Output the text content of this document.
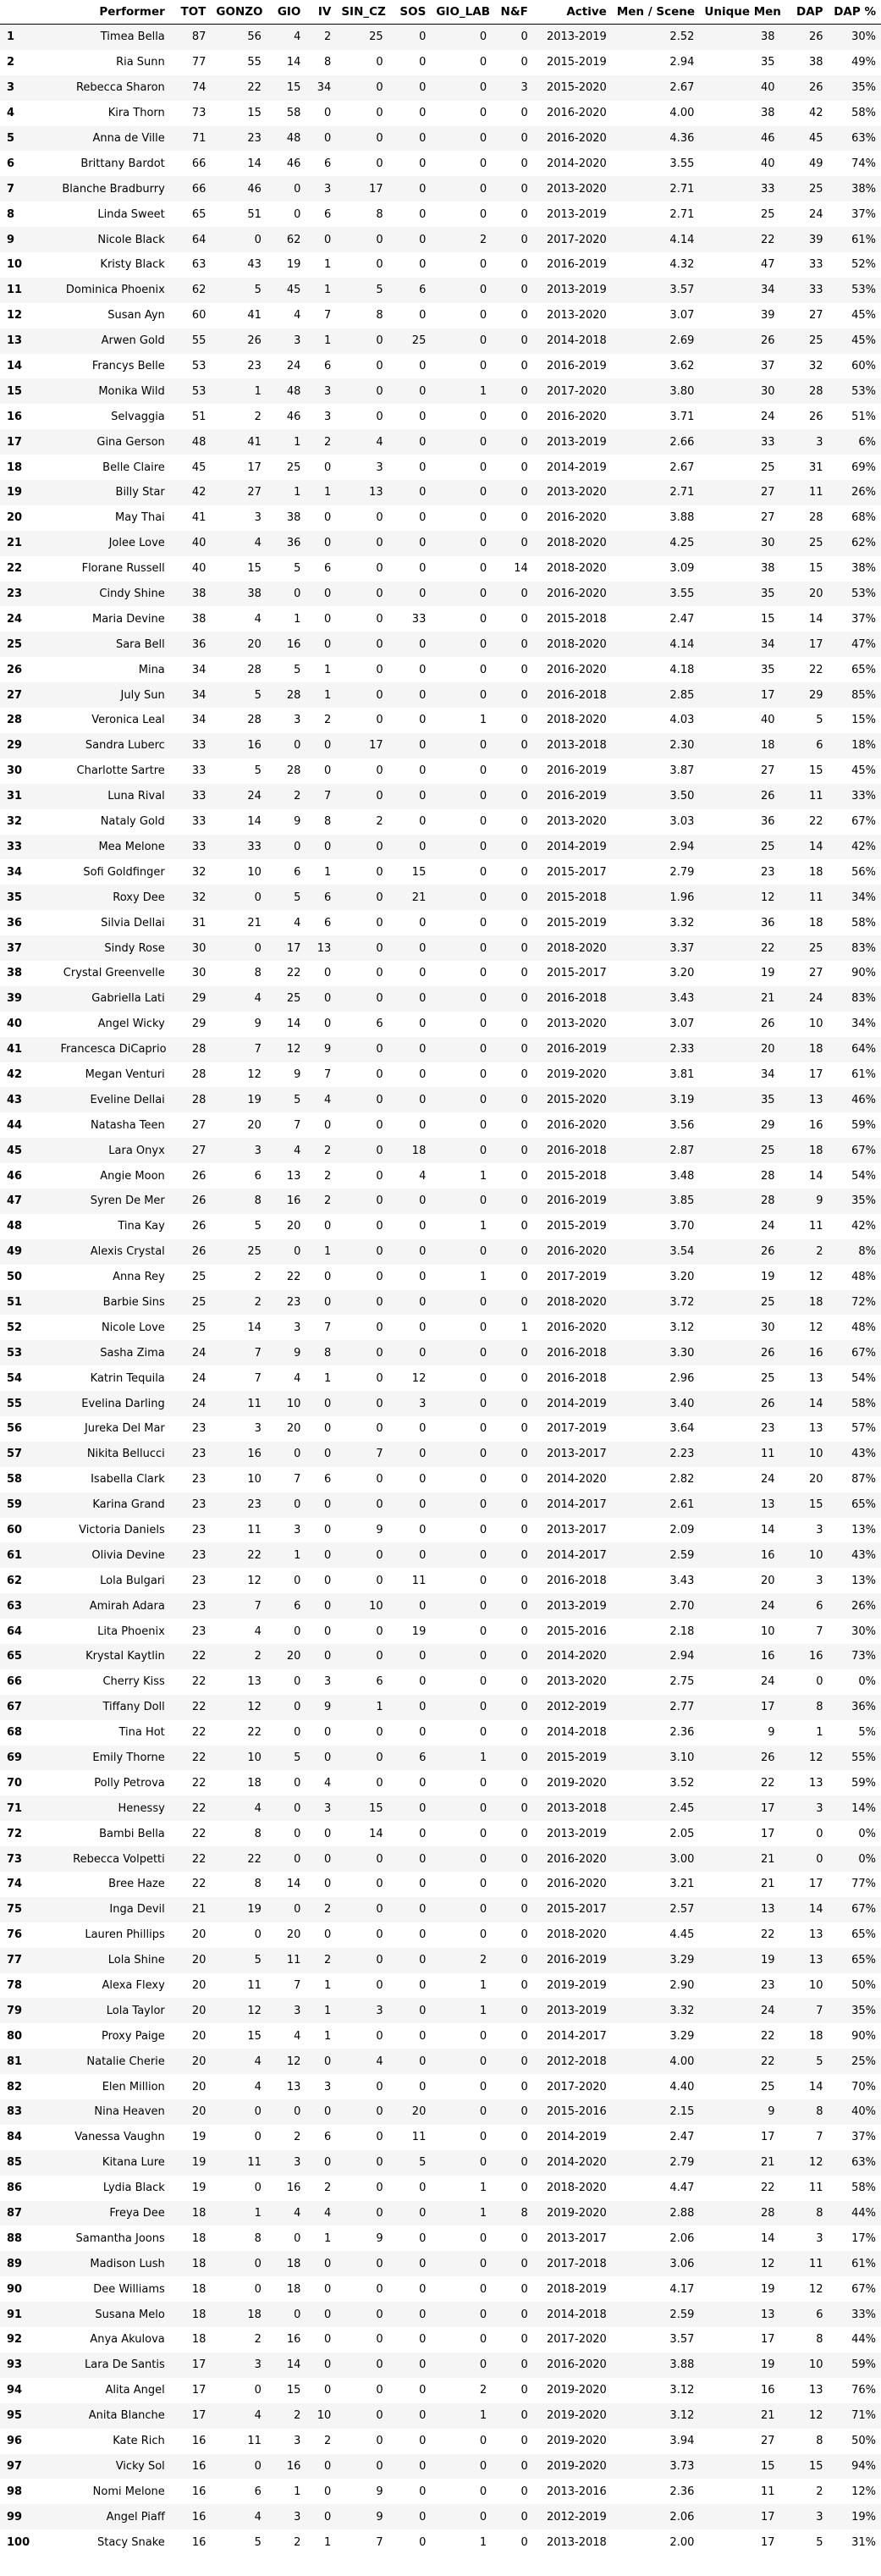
	Performer	TOT	GONZO	GIO	IV	SIN_CZ	SOS	GIO_LAB	N&F	Active	Men / Scene	Unique Men	DAP	DAP %
1	Timea Bella	87	56	4	2	25	0	0	0	2013-2019	2.52	38	26	30%
2	Ria Sunn	77	55	14	8	0	0	0	0	2015-2019	2.94	35	38	49%
3	Rebecca Sharon	74	22	15	34	0	0	0	3	2015-2020	2.67	40	26	35%
4	Kira Thorn	73	15	58	0	0	0	0	0	2016-2020	4.00	38	42	58%
5	Anna de Ville	71	23	48	0	0	0	0	0	2016-2020	4.36	46	45	63%
6	Brittany Bardot	66	14	46	6	0	0	0	0	2014-2020	3.55	40	49	74%
7	Blanche Bradburry	66	46	0	3	17	0	0	0	2013-2020	2.71	33	25	38%
8	Linda Sweet	65	51	0	6	8	0	0	0	2013-2019	2.71	25	24	37%
9	Nicole Black	64	0	62	0	0	0	2	0	2017-2020	4.14	22	39	61%
10	Kristy Black	63	43	19	1	0	0	0	0	2016-2019	4.32	47	33	52%
11	Dominica Phoenix	62	5	45	1	5	6	0	0	2013-2019	3.57	34	33	53%
12	Susan Ayn	60	41	4	7	8	0	0	0	2013-2020	3.07	39	27	45%
13	Arwen Gold	55	26	3	1	0	25	0	0	2014-2018	2.69	26	25	45%
14	Francys Belle	53	23	24	6	0	0	0	0	2016-2019	3.62	37	32	60%
15	Monika Wild	53	1	48	3	0	0	1	0	2017-2020	3.80	30	28	53%
16	Selvaggia	51	2	46	3	0	0	0	0	2016-2020	3.71	24	26	51%
17	Gina Gerson	48	41	1	2	4	0	0	0	2013-2019	2.66	33	3	6%
18	Belle Claire	45	17	25	0	3	0	0	0	2014-2019	2.67	25	31	69%
19	Billy Star	42	27	1	1	13	0	0	0	2013-2020	2.71	27	11	26%
20	May Thai	41	3	38	0	0	0	0	0	2016-2020	3.88	27	28	68%
21	Jolee Love	40	4	36	0	0	0	0	0	2018-2020	4.25	30	25	62%
22	Florane Russell	40	15	5	6	0	0	0	14	2018-2020	3.09	38	15	38%
23	Cindy Shine	38	38	0	0	0	0	0	0	2016-2020	3.55	35	20	53%
24	Maria Devine	38	4	1	0	0	33	0	0	2015-2018	2.47	15	14	37%
25	Sara Bell	36	20	16	0	0	0	0	0	2018-2020	4.14	34	17	47%
26	Mina	34	28	5	1	0	0	0	0	2016-2020	4.18	35	22	65%
27	July Sun	34	5	28	1	0	0	0	0	2016-2018	2.85	17	29	85%
28	Veronica Leal	34	28	3	2	0	0	1	0	2018-2020	4.03	40	5	15%
29	Sandra Luberc	33	16	0	0	17	0	0	0	2013-2018	2.30	18	6	18%
30	Charlotte Sartre	33	5	28	0	0	0	0	0	2016-2019	3.87	27	15	45%
31	Luna Rival	33	24	2	7	0	0	0	0	2016-2019	3.50	26	11	33%
32	Nataly Gold	33	14	9	8	2	0	0	0	2013-2020	3.03	36	22	67%
33	Mea Melone	33	33	0	0	0	0	0	0	2014-2019	2.94	25	14	42%
34	Sofi Goldfinger	32	10	6	1	0	15	0	0	2015-2017	2.79	23	18	56%
35	Roxy Dee	32	0	5	6	0	21	0	0	2015-2018	1.96	12	11	34%
36	Silvia Dellai	31	21	4	6	0	0	0	0	2015-2019	3.32	36	18	58%
37	Sindy Rose	30	0	17	13	0	0	0	0	2018-2020	3.37	22	25	83%
38	Crystal Greenvelle	30	8	22	0	0	0	0	0	2015-2017	3.20	19	27	90%
39	Gabriella Lati	29	4	25	0	0	0	0	0	2016-2018	3.43	21	24	83%
40	Angel Wicky	29	9	14	0	6	0	0	0	2013-2020	3.07	26	10	34%
41	Francesca DiCaprio	28	7	12	9	0	0	0	0	2016-2019	2.33	20	18	64%
42	Megan Venturi	28	12	9	7	0	0	0	0	2019-2020	3.81	34	17	61%
43	Eveline Dellai	28	19	5	4	0	0	0	0	2015-2020	3.19	35	13	46%
44	Natasha Teen	27	20	7	0	0	0	0	0	2016-2020	3.56	29	16	59%
45	Lara Onyx	27	3	4	2	0	18	0	0	2016-2018	2.87	25	18	67%
46	Angie Moon	26	6	13	2	0	4	1	0	2015-2018	3.48	28	14	54%
47	Syren De Mer	26	8	16	2	0	0	0	0	2016-2019	3.85	28	9	35%
48	Tina Kay	26	5	20	0	0	0	1	0	2015-2019	3.70	24	11	42%
49	Alexis Crystal	26	25	0	1	0	0	0	0	2016-2020	3.54	26	2	8%
50	Anna Rey	25	2	22	0	0	0	1	0	2017-2019	3.20	19	12	48%
51	Barbie Sins	25	2	23	0	0	0	0	0	2018-2020	3.72	25	18	72%
52	Nicole Love	25	14	3	7	0	0	0	1	2016-2020	3.12	30	12	48%
53	Sasha Zima	24	7	9	8	0	0	0	0	2016-2018	3.30	26	16	67%
54	Katrin Tequila	24	7	4	1	0	12	0	0	2016-2018	2.96	25	13	54%
55	Evelina Darling	24	11	10	0	0	3	0	0	2014-2019	3.40	26	14	58%
56	Jureka Del Mar	23	3	20	0	0	0	0	0	2017-2019	3.64	23	13	57%
57	Nikita Bellucci	23	16	0	0	7	0	0	0	2013-2017	2.23	11	10	43%
58	Isabella Clark	23	10	7	6	0	0	0	0	2014-2020	2.82	24	20	87%
59	Karina Grand	23	23	0	0	0	0	0	0	2014-2017	2.61	13	15	65%
60	Victoria Daniels	23	11	3	0	9	0	0	0	2013-2017	2.09	14	3	13%
61	Olivia Devine	23	22	1	0	0	0	0	0	2014-2017	2.59	16	10	43%
62	Lola Bulgari	23	12	0	0	0	11	0	0	2016-2018	3.43	20	3	13%
63	Amirah Adara	23	7	6	0	10	0	0	0	2013-2019	2.70	24	6	26%
64	Lita Phoenix	23	4	0	0	0	19	0	0	2015-2016	2.18	10	7	30%
65	Krystal Kaytlin	22	2	20	0	0	0	0	0	2014-2020	2.94	16	16	73%
66	Cherry Kiss	22	13	0	3	6	0	0	0	2013-2020	2.75	24	0	0%
67	Tiffany Doll	22	12	0	9	1	0	0	0	2012-2019	2.77	17	8	36%
68	Tina Hot	22	22	0	0	0	0	0	0	2014-2018	2.36	9	1	5%
69	Emily Thorne	22	10	5	0	0	6	1	0	2015-2019	3.10	26	12	55%
70	Polly Petrova	22	18	0	4	0	0	0	0	2019-2020	3.52	22	13	59%
71	Henessy	22	4	0	3	15	0	0	0	2013-2018	2.45	17	3	14%
72	Bambi Bella	22	8	0	0	14	0	0	0	2013-2019	2.05	17	0	0%
73	Rebecca Volpetti	22	22	0	0	0	0	0	0	2016-2020	3.00	21	0	0%
74	Bree Haze	22	8	14	0	0	0	0	0	2016-2020	3.21	21	17	77%
75	Inga Devil	21	19	0	2	0	0	0	0	2015-2017	2.57	13	14	67%
76	Lauren Phillips	20	0	20	0	0	0	0	0	2018-2020	4.45	22	13	65%
77	Lola Shine	20	5	11	2	0	0	2	0	2016-2019	3.29	19	13	65%
78	Alexa Flexy	20	11	7	1	0	0	1	0	2019-2019	2.90	23	10	50%
79	Lola Taylor	20	12	3	1	3	0	1	0	2013-2019	3.32	24	7	35%
80	Proxy Paige	20	15	4	1	0	0	0	0	2014-2017	3.29	22	18	90%
81	Natalie Cherie	20	4	12	0	4	0	0	0	2012-2018	4.00	22	5	25%
82	Elen Million	20	4	13	3	0	0	0	0	2017-2020	4.40	25	14	70%
83	Nina Heaven	20	0	0	0	0	20	0	0	2015-2016	2.15	9	8	40%
84	Vanessa Vaughn	19	0	2	6	0	11	0	0	2014-2019	2.47	17	7	37%
85	Kitana Lure	19	11	3	0	0	5	0	0	2014-2020	2.79	21	12	63%
86	Lydia Black	19	0	16	2	0	0	1	0	2018-2020	4.47	22	11	58%
87	Freya Dee	18	1	4	4	0	0	1	8	2019-2020	2.88	28	8	44%
88	Samantha Joons	18	8	0	1	9	0	0	0	2013-2017	2.06	14	3	17%
89	Madison Lush	18	0	18	0	0	0	0	0	2017-2018	3.06	12	11	61%
90	Dee Williams	18	0	18	0	0	0	0	0	2018-2019	4.17	19	12	67%
91	Susana Melo	18	18	0	0	0	0	0	0	2014-2018	2.59	13	6	33%
92	Anya Akulova	18	2	16	0	0	0	0	0	2017-2020	3.57	17	8	44%
93	Lara De Santis	17	3	14	0	0	0	0	0	2016-2020	3.88	19	10	59%
94	Alita Angel	17	0	15	0	0	0	2	0	2019-2020	3.12	16	13	76%
95	Anita Blanche	17	4	2	10	0	0	1	0	2019-2020	3.12	21	12	71%
96	Kate Rich	16	11	3	2	0	0	0	0	2019-2020	3.94	27	8	50%
97	Vicky Sol	16	0	16	0	0	0	0	0	2019-2020	3.73	15	15	94%
98	Nomi Melone	16	6	1	0	9	0	0	0	2013-2016	2.36	11	2	12%
99	Angel Piaff	16	4	3	0	9	0	0	0	2012-2019	2.06	17	3	19%
100	Stacy Snake	16	5	2	1	7	0	1	0	2013-2018	2.00	17	5	31%
